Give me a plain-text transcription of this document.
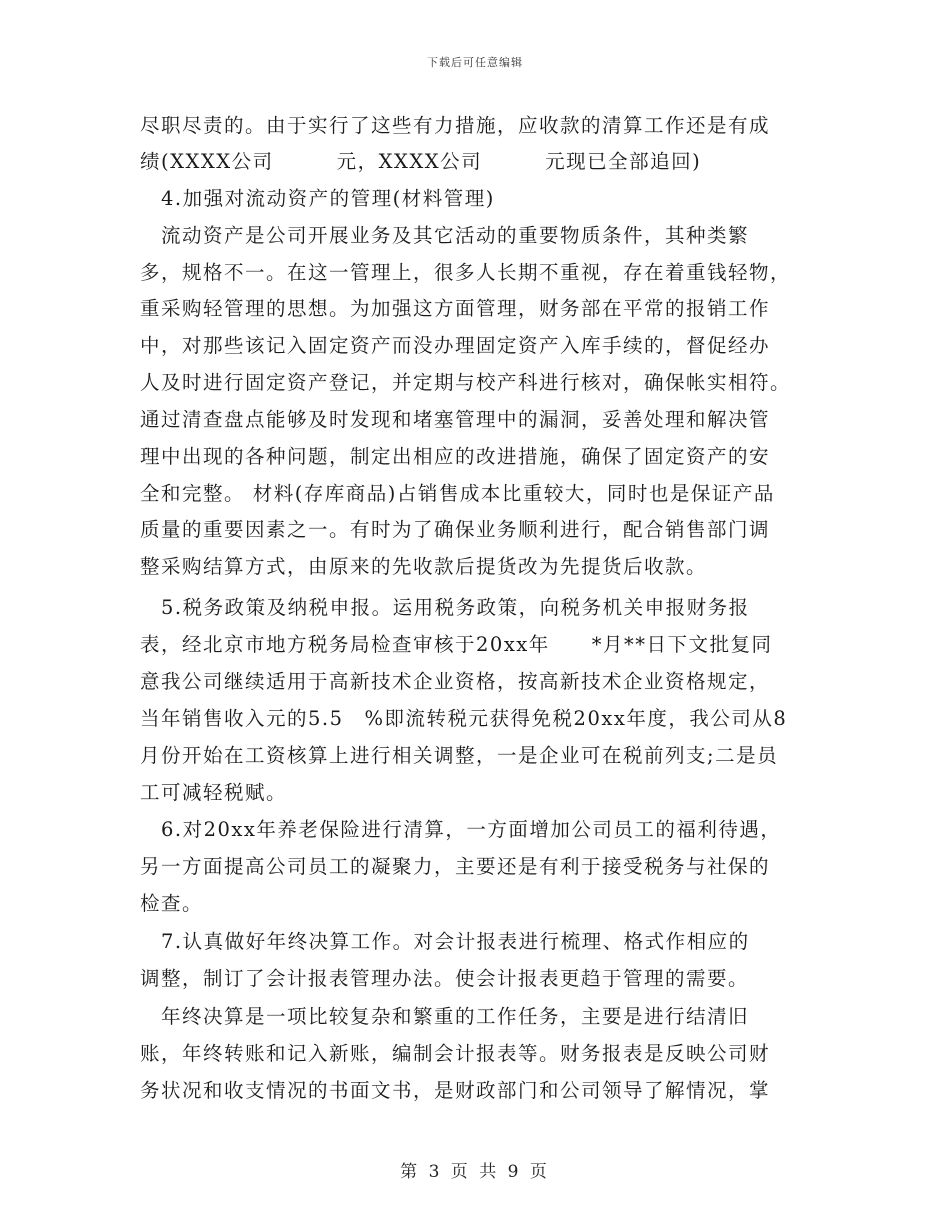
下载后可任意编辑
尽职尽责的。由于实行了这些有力措施，应收款的清算工作还是有成
绩(XXXX公司　　　元，XXXX公司　　　元现已全部追回)
　4.加强对流动资产的管理(材料管理)
　流动资产是公司开展业务及其它活动的重要物质条件，其种类繁
多，规格不一。在这一管理上，很多人长期不重视，存在着重钱轻物，
重采购轻管理的思想。为加强这方面管理，财务部在平常的报销工作
中，对那些该记入固定资产而没办理固定资产入库手续的，督促经办
人及时进行固定资产登记，并定期与校产科进行核对，确保帐实相符。
通过清查盘点能够及时发现和堵塞管理中的漏洞，妥善处理和解决管
理中出现的各种问题，制定出相应的改进措施，确保了固定资产的安
全和完整。 材料(存库商品)占销售成本比重较大，同时也是保证产品
质量的重要因素之一。有时为了确保业务顺利进行，配合销售部门调
整采购结算方式，由原来的先收款后提货改为先提货后收款。
　5.税务政策及纳税申报。运用税务政策，向税务机关申报财务报
表，经北京市地方税务局检查审核于20xx年　　*月**日下文批复同
意我公司继续适用于高新技术企业资格，按高新技术企业资格规定，
当年销售收入元的5.5　%即流转税元获得免税20xx年度，我公司从8
月份开始在工资核算上进行相关调整，一是企业可在税前列支;二是员
工可减轻税赋。
　6.对20xx年养老保险进行清算，一方面增加公司员工的福利待遇，
另一方面提高公司员工的凝聚力，主要还是有利于接受税务与社保的
检查。
　7.认真做好年终决算工作。对会计报表进行梳理、格式作相应的
调整，制订了会计报表管理办法。使会计报表更趋于管理的需要。
　年终决算是一项比较复杂和繁重的工作任务，主要是进行结清旧
账，年终转账和记入新账，编制会计报表等。财务报表是反映公司财
务状况和收支情况的书面文书，是财政部门和公司领导了解情况，掌
第 3 页 共 9 页
